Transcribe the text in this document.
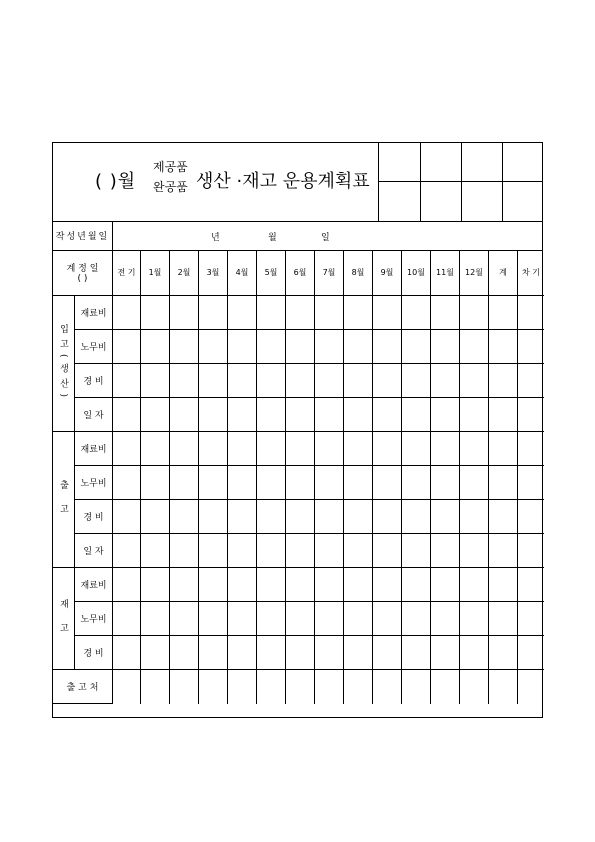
( )월
제공품
완공품 생산 ·재고 운용계획표
작성년월일	년	월	일
계 정 일
( )
전 기	1월	2월	3월	4월	5월	6월	7월	8월	9월	10월	11월	12월	계	차 기
입고(생산)
재료비
노무비
경 비
일 자
출 고
재료비
노무비
경 비
일 자
재 고
재료비
노무비
경 비
출 고 처
